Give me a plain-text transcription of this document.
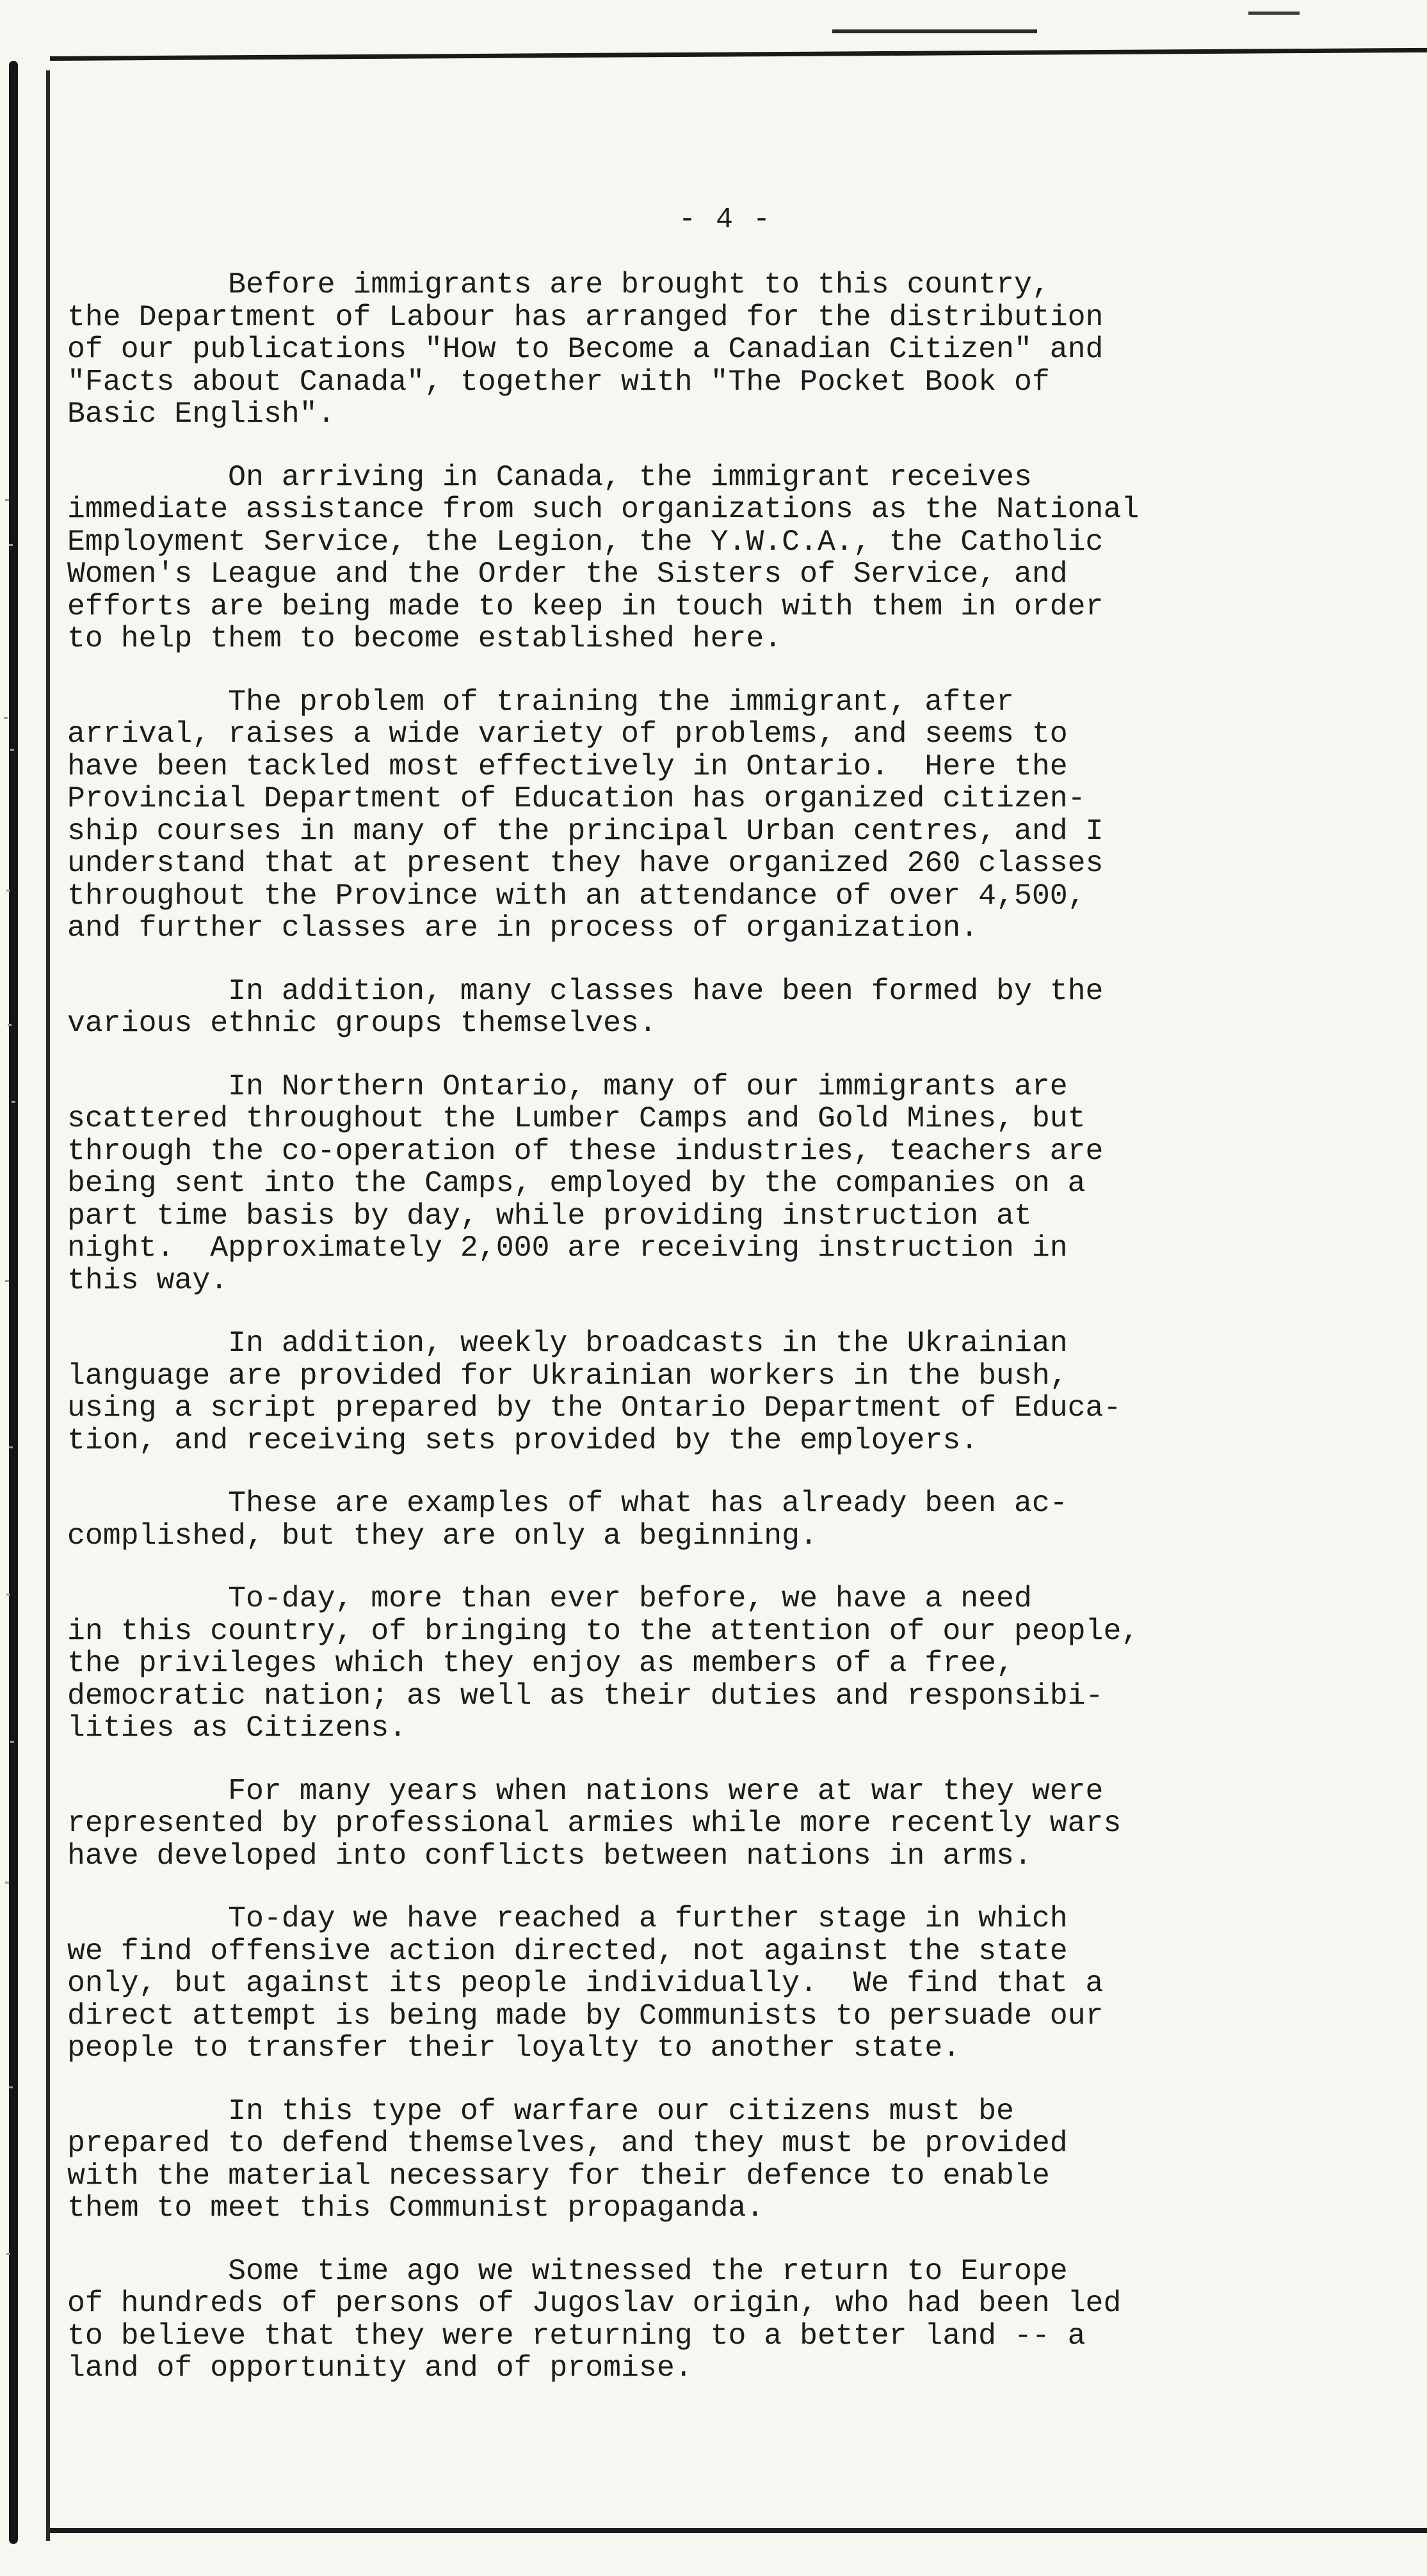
- 4 -

Before immigrants are brought to this country,
the Department of Labour has arranged for the distribution
of our publications "How to Become a Canadian Citizen" and
"Facts about Canada", together with "The Pocket Book of
Basic English".

On arriving in Canada, the immigrant receives
immediate assistance from such organizations as the National
Employment Service, the Legion, the Y.W.C.A., the Catholic
Women's League and the Order the Sisters of Service, and
efforts are being made to keep in touch with them in order
to help them to become established here.

The problem of training the immigrant, after
arrival, raises a wide variety of problems, and seems to
have been tackled most effectively in Ontario.  Here the
Provincial Department of Education has organized citizen-
ship courses in many of the principal Urban centres, and I
understand that at present they have organized 260 classes
throughout the Province with an attendance of over 4,500,
and further classes are in process of organization.

In addition, many classes have been formed by the
various ethnic groups themselves.

In Northern Ontario, many of our immigrants are
scattered throughout the Lumber Camps and Gold Mines, but
through the co-operation of these industries, teachers are
being sent into the Camps, employed by the companies on a
part time basis by day, while providing instruction at
night.  Approximately 2,000 are receiving instruction in
this way.

In addition, weekly broadcasts in the Ukrainian
language are provided for Ukrainian workers in the bush,
using a script prepared by the Ontario Department of Educa-
tion, and receiving sets provided by the employers.

These are examples of what has already been ac-
complished, but they are only a beginning.

To-day, more than ever before, we have a need
in this country, of bringing to the attention of our people,
the privileges which they enjoy as members of a free,
democratic nation; as well as their duties and responsibi-
lities as Citizens.

For many years when nations were at war they were
represented by professional armies while more recently wars
have developed into conflicts between nations in arms.

To-day we have reached a further stage in which
we find offensive action directed, not against the state
only, but against its people individually.  We find that a
direct attempt is being made by Communists to persuade our
people to transfer their loyalty to another state.

In this type of warfare our citizens must be
prepared to defend themselves, and they must be provided
with the material necessary for their defence to enable
them to meet this Communist propaganda.

Some time ago we witnessed the return to Europe
of hundreds of persons of Jugoslav origin, who had been led
to believe that they were returning to a better land -- a
land of opportunity and of promise.
